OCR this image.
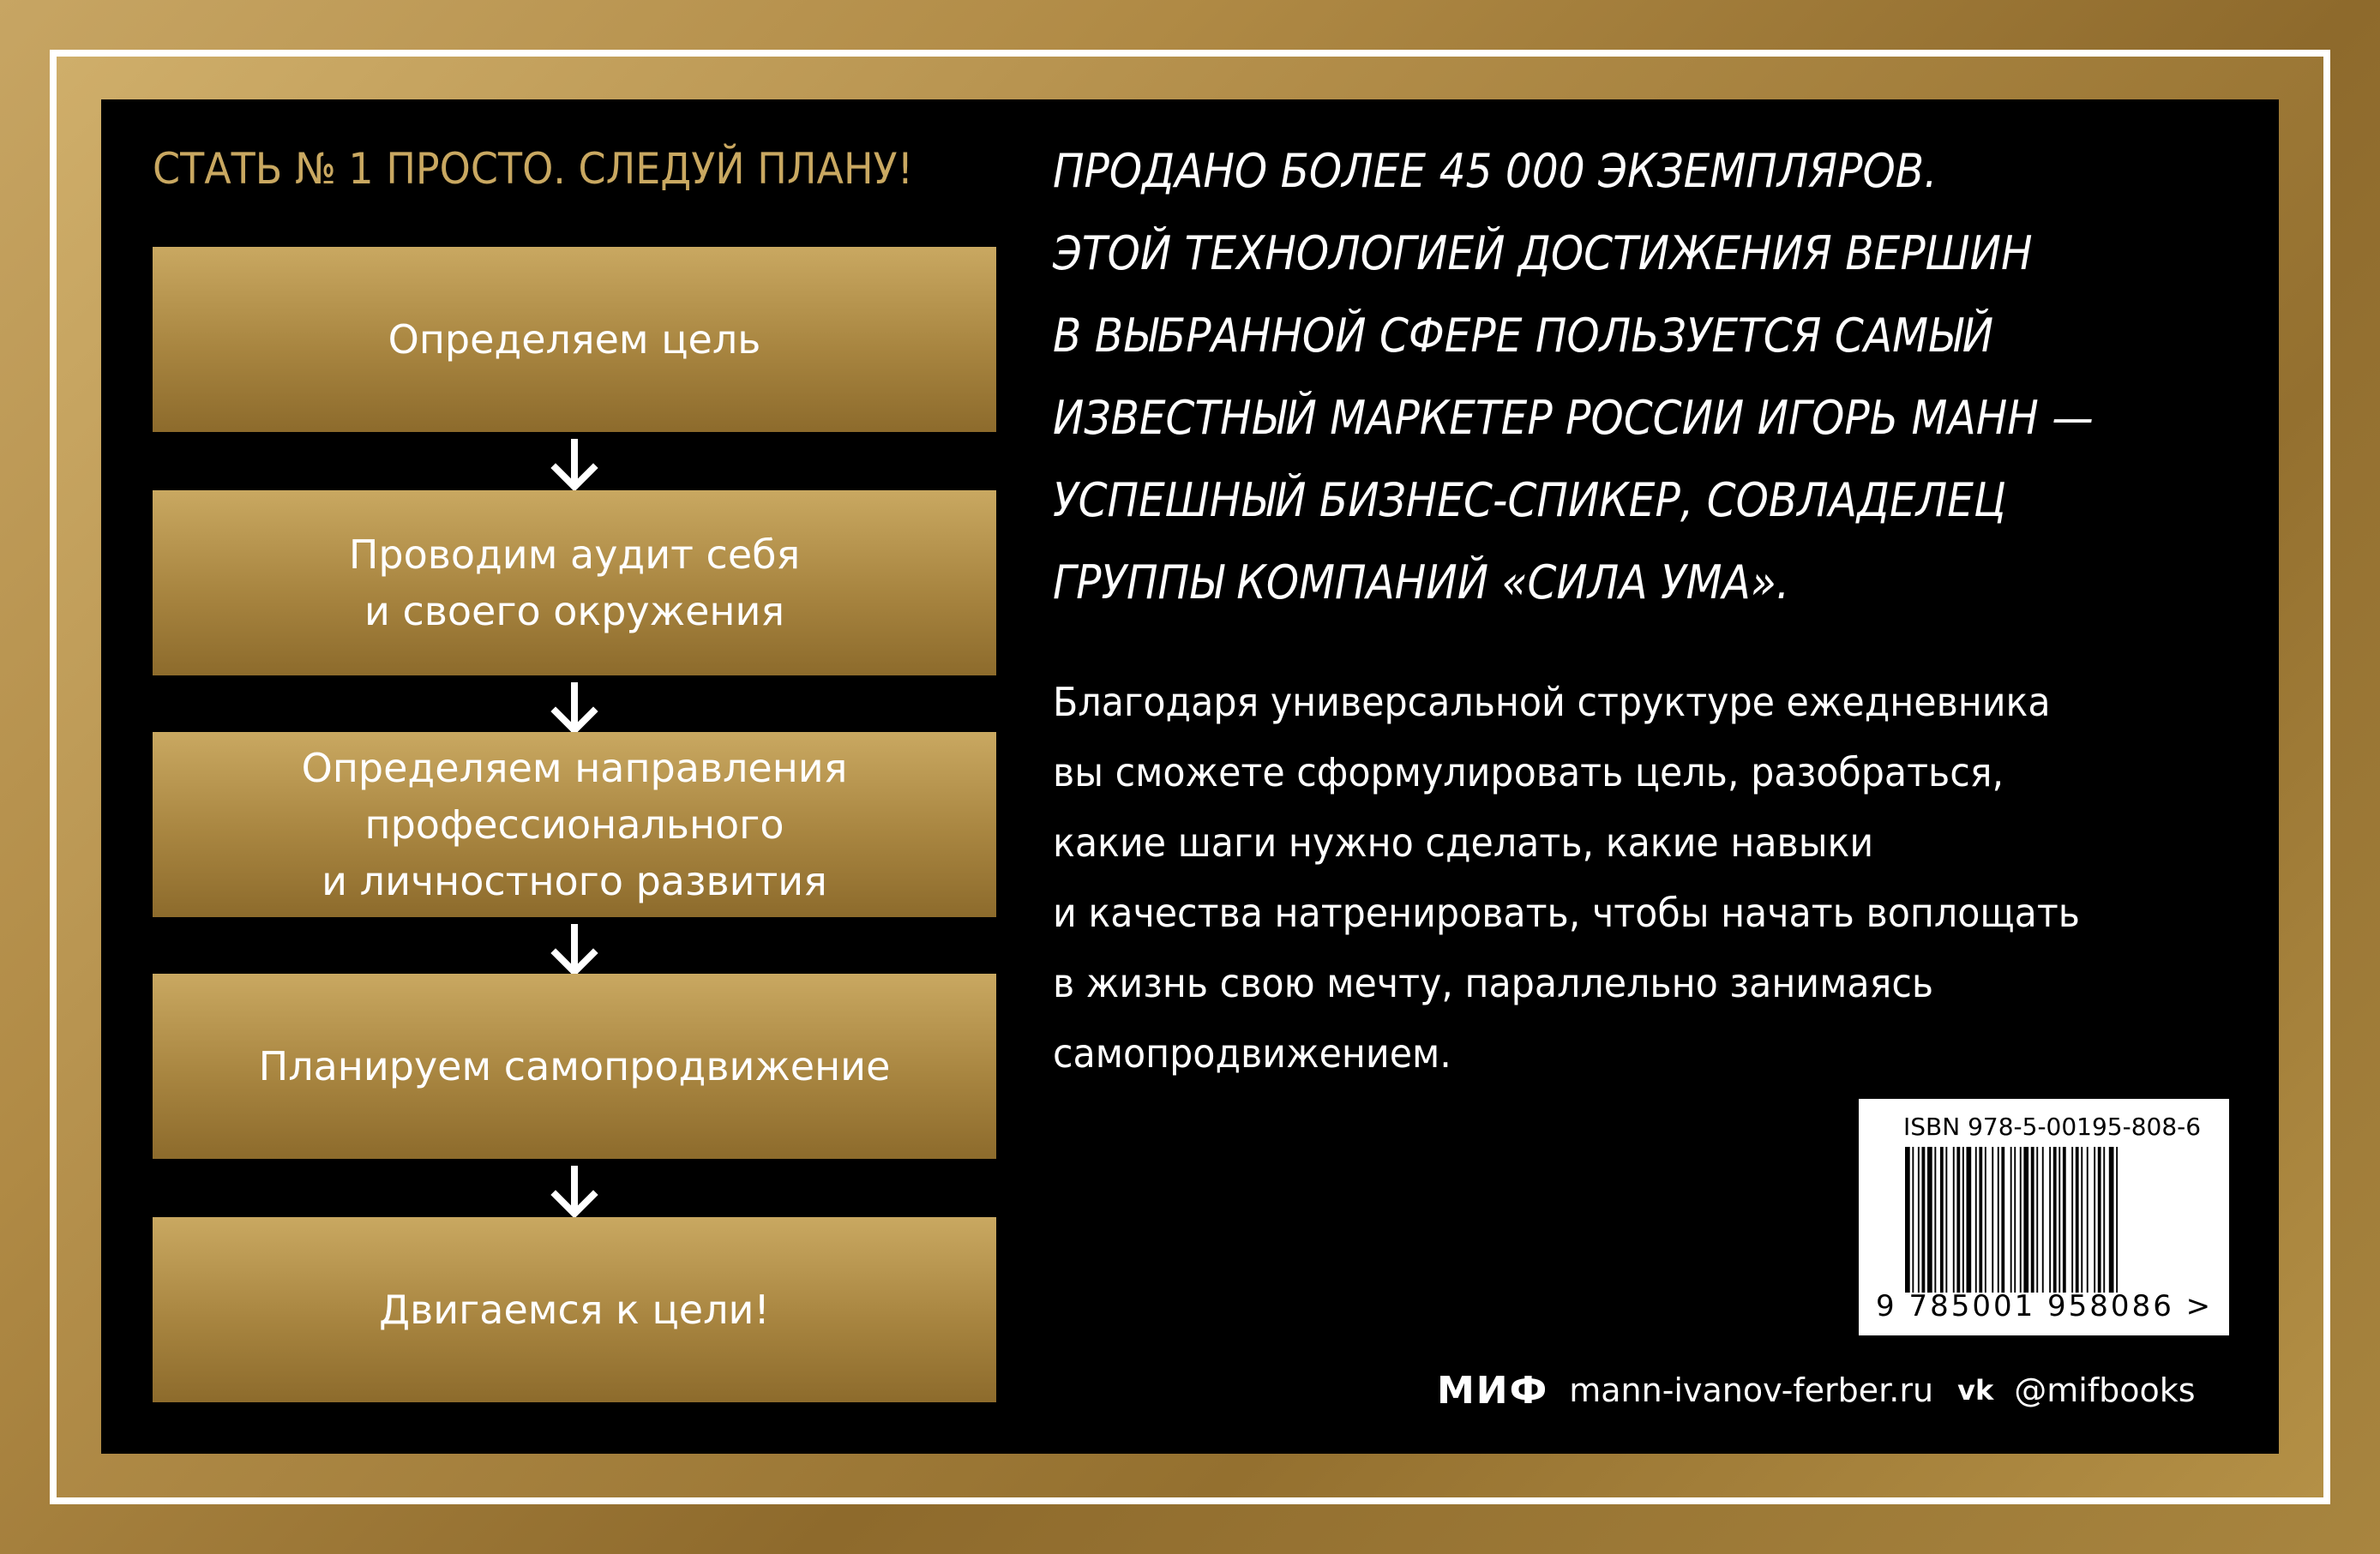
СТАТЬ № 1 ПРОСТО. СЛЕДУЙ ПЛАНУ!
Определяем цель
Проводим аудит себя
и своего окружения
Определяем направления
профессионального
и личностного развития
Планируем самопродвижение
Двигаемся к цели!
ПРОДАНО БОЛЕЕ 45 000 ЭКЗЕМПЛЯРОВ.
ЭТОЙ ТЕХНОЛОГИЕЙ ДОСТИЖЕНИЯ ВЕРШИН
В ВЫБРАННОЙ СФЕРЕ ПОЛЬЗУЕТСЯ САМЫЙ
ИЗВЕСТНЫЙ МАРКЕТЕР РОССИИ ИГОРЬ МАНН —
УСПЕШНЫЙ БИЗНЕС-СПИКЕР, СОВЛАДЕЛЕЦ
ГРУППЫ КОМПАНИЙ «СИЛА УМА».
Благодаря универсальной структуре ежедневника
вы сможете сформулировать цель, разобраться,
какие шаги нужно сделать, какие навыки
и качества натренировать, чтобы начать воплощать
в жизнь свою мечту, параллельно занимаясь
самопродвижением.
ISBN 978-5-00195-808-6
9 785001 958086 >
МИФ mann-ivanov-ferber.ru vk @mifbooks
